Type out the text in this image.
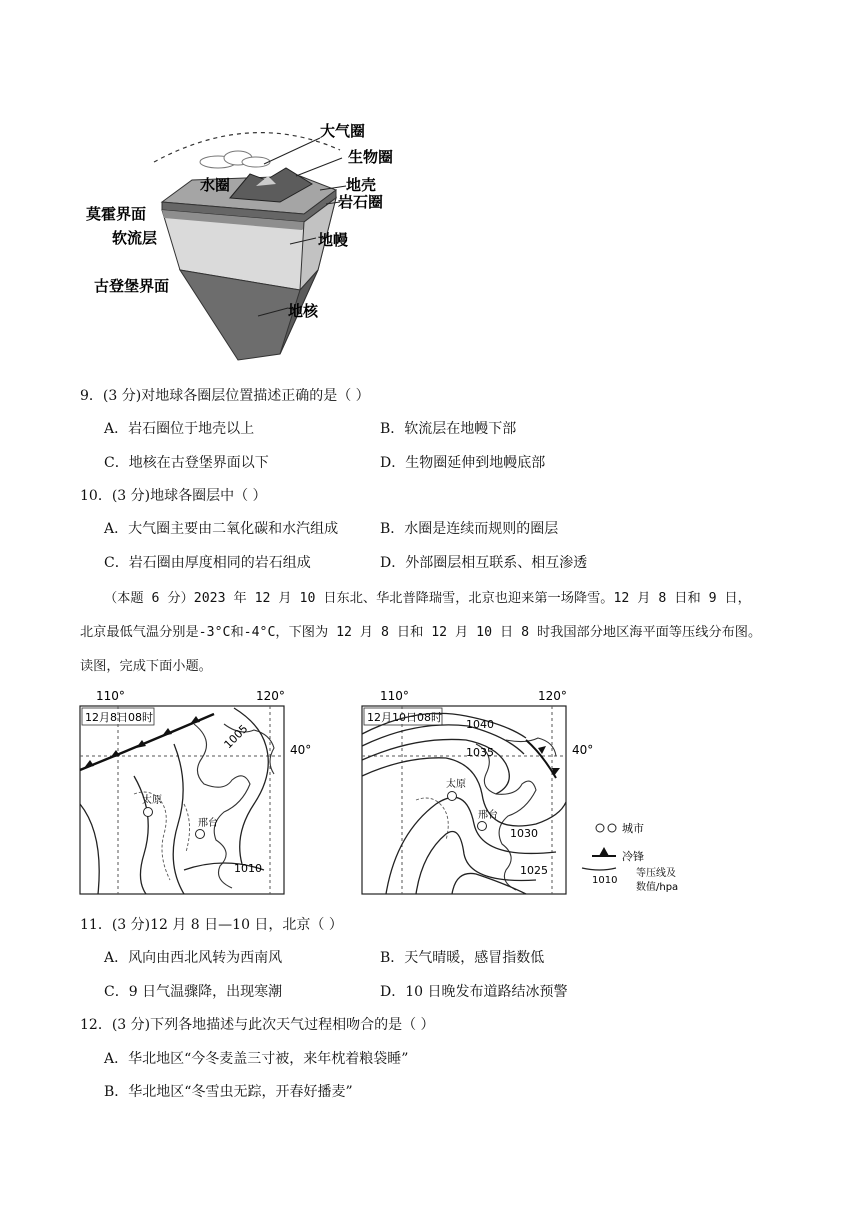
大气圈
生物圈
水圈	地壳
岩石圈
莫霍界面
软流层	地幔
古登堡界面
地核
9．(3 分)对地球各圈层位置描述正确的是（ ）
A．岩石圈位于地壳以上	B．软流层在地幔下部
C．地核在古登堡界面以下	D．生物圈延伸到地幔底部
10．(3 分)地球各圈层中（ ）
A．大气圈主要由二氧化碳和水汽组成	B．水圈是连续而规则的圈层
C．岩石圈由厚度相同的岩石组成	D．外部圈层相互联系、相互渗透
（本题 6 分）2023 年 12 月 10 日东北、华北普降瑞雪，北京也迎来第一场降雪。12 月 8 日和 9 日，
北京最低气温分别是-3°C和-4°C，下图为 12 月 8 日和 12 月 10 日 8 时我国部分地区海平面等压线分布图。
读图，完成下面小题。
110°	120°
40°
12月8日08时
太原
邢台
1005
1010
110°	120°
40°
12月10日08时
太原
邢台
1040
1035
1030
1025
城市
冷锋
1010
等压线及
数值/hpa
11．(3 分)12 月 8 日—10 日，北京（ ）
A．风向由西北风转为西南风	B．天气晴暖，感冒指数低
C．9 日气温骤降，出现寒潮	D．10 日晚发布道路结冰预警
12．(3 分)下列各地描述与此次天气过程相吻合的是（ ）
A．华北地区“今冬麦盖三寸被，来年枕着粮袋睡”
B．华北地区“冬雪虫无踪，开春好播麦”
